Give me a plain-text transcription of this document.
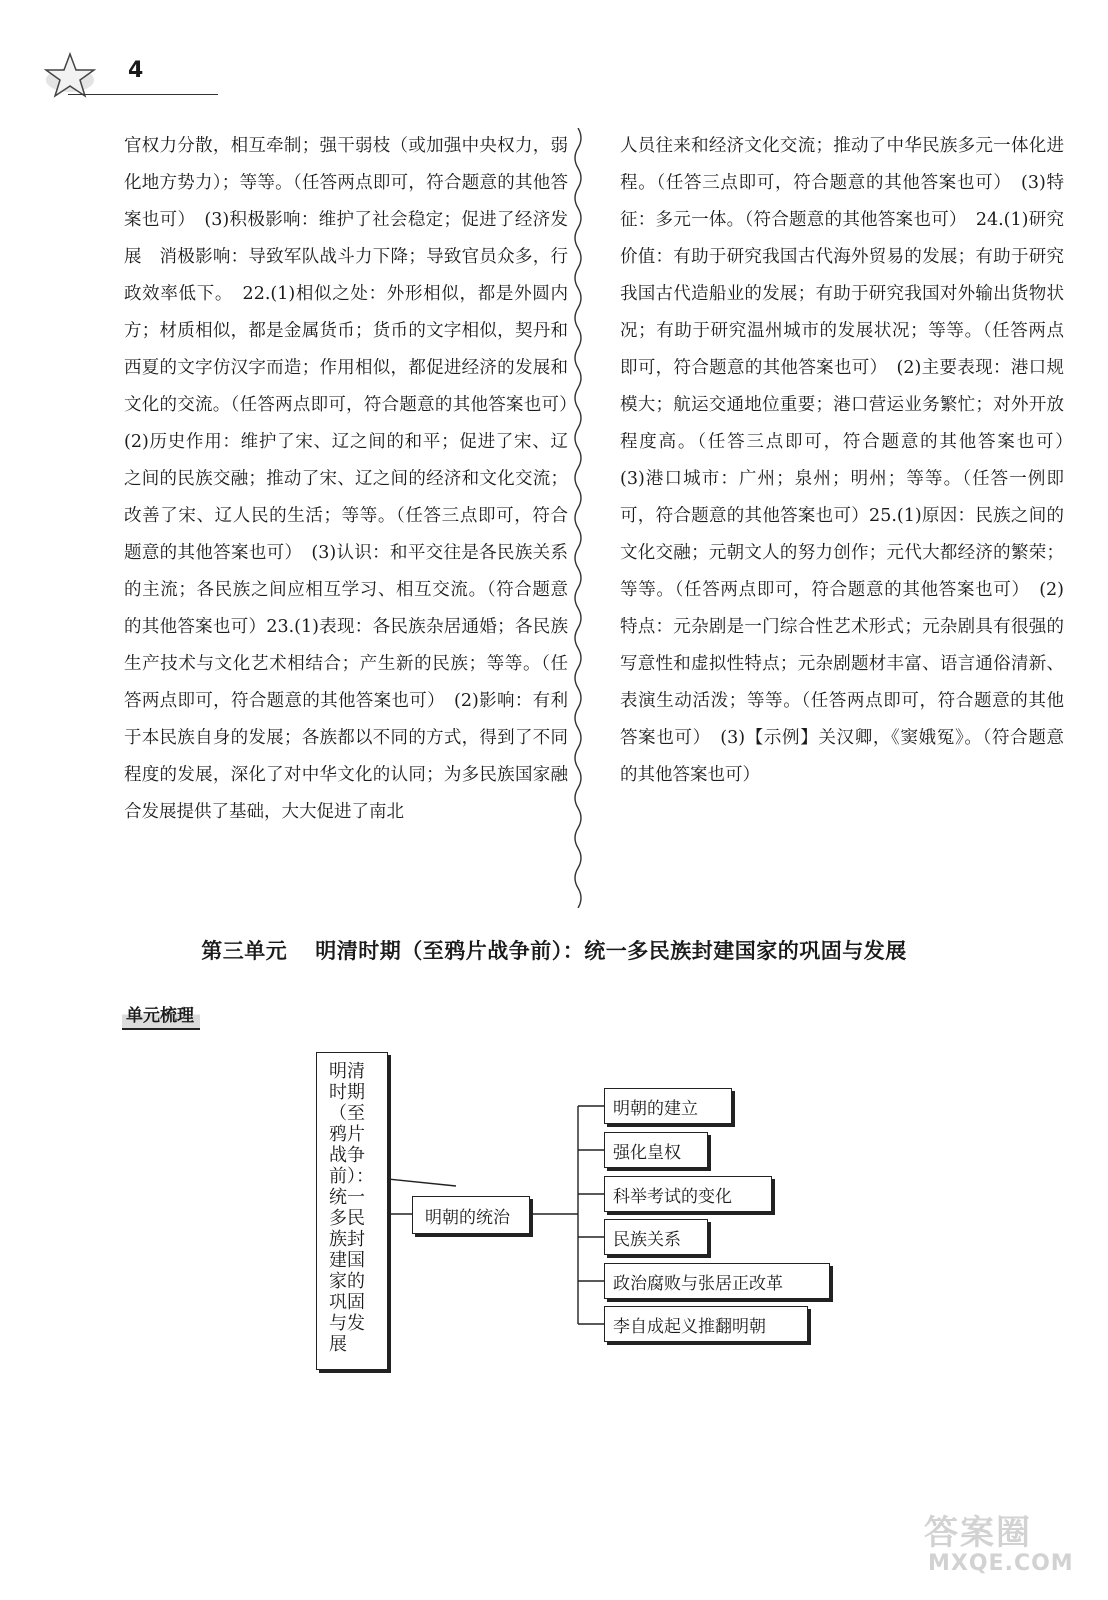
4

官权力分散，相互牵制；强干弱枝（或加强中央权力，弱化地方势力）；等等。（任答两点即可，符合题意的其他答案也可）　(3)积极影响：维护了社会稳定；促进了经济发展　消极影响：导致军队战斗力下降；导致官员众多，行政效率低下。　22.(1)相似之处：外形相似，都是外圆内方；材质相似，都是金属货币；货币的文字相似，契丹和西夏的文字仿汉字而造；作用相似，都促进经济的发展和文化的交流。（任答两点即可，符合题意的其他答案也可）(2)历史作用：维护了宋、辽之间的和平；促进了宋、辽之间的民族交融；推动了宋、辽之间的经济和文化交流；改善了宋、辽人民的生活；等等。（任答三点即可，符合题意的其他答案也可）　(3)认识：和平交往是各民族关系的主流；各民族之间应相互学习、相互交流。（符合题意的其他答案也可）23.(1)表现：各民族杂居通婚；各民族生产技术与文化艺术相结合；产生新的民族；等等。（任答两点即可，符合题意的其他答案也可）　(2)影响：有利于本民族自身的发展；各族都以不同的方式，得到了不同程度的发展，深化了对中华文化的认同；为多民族国家融合发展提供了基础，大大促进了南北

人员往来和经济文化交流；推动了中华民族多元一体化进程。（任答三点即可，符合题意的其他答案也可）　(3)特征：多元一体。（符合题意的其他答案也可）　24.(1)研究价值：有助于研究我国古代海外贸易的发展；有助于研究我国古代造船业的发展；有助于研究我国对外输出货物状况；有助于研究温州城市的发展状况；等等。（任答两点即可，符合题意的其他答案也可）　(2)主要表现：港口规模大；航运交通地位重要；港口营运业务繁忙；对外开放程度高。（任答三点即可，符合题意的其他答案也可）　(3)港口城市：广州；泉州；明州；等等。（任答一例即可，符合题意的其他答案也可）25.(1)原因：民族之间的文化交融；元朝文人的努力创作；元代大都经济的繁荣；等等。（任答两点即可，符合题意的其他答案也可）　(2)特点：元杂剧是一门综合性艺术形式；元杂剧具有很强的写意性和虚拟性特点；元杂剧题材丰富、语言通俗清新、表演生动活泼；等等。（任答两点即可，符合题意的其他答案也可）　(3)【示例】关汉卿，《窦娥冤》。（符合题意的其他答案也可）

第三单元 明清时期（至鸦片战争前）：统一多民族封建国家的巩固与发展
单元梳理
明清时期（至鸦片战争前）：统一多民族封建国家的巩固与发展
明朝的统治
明朝的建立
强化皇权
科举考试的变化
民族关系
政治腐败与张居正改革
李自成起义推翻明朝
答案圈
MXQE.COM
